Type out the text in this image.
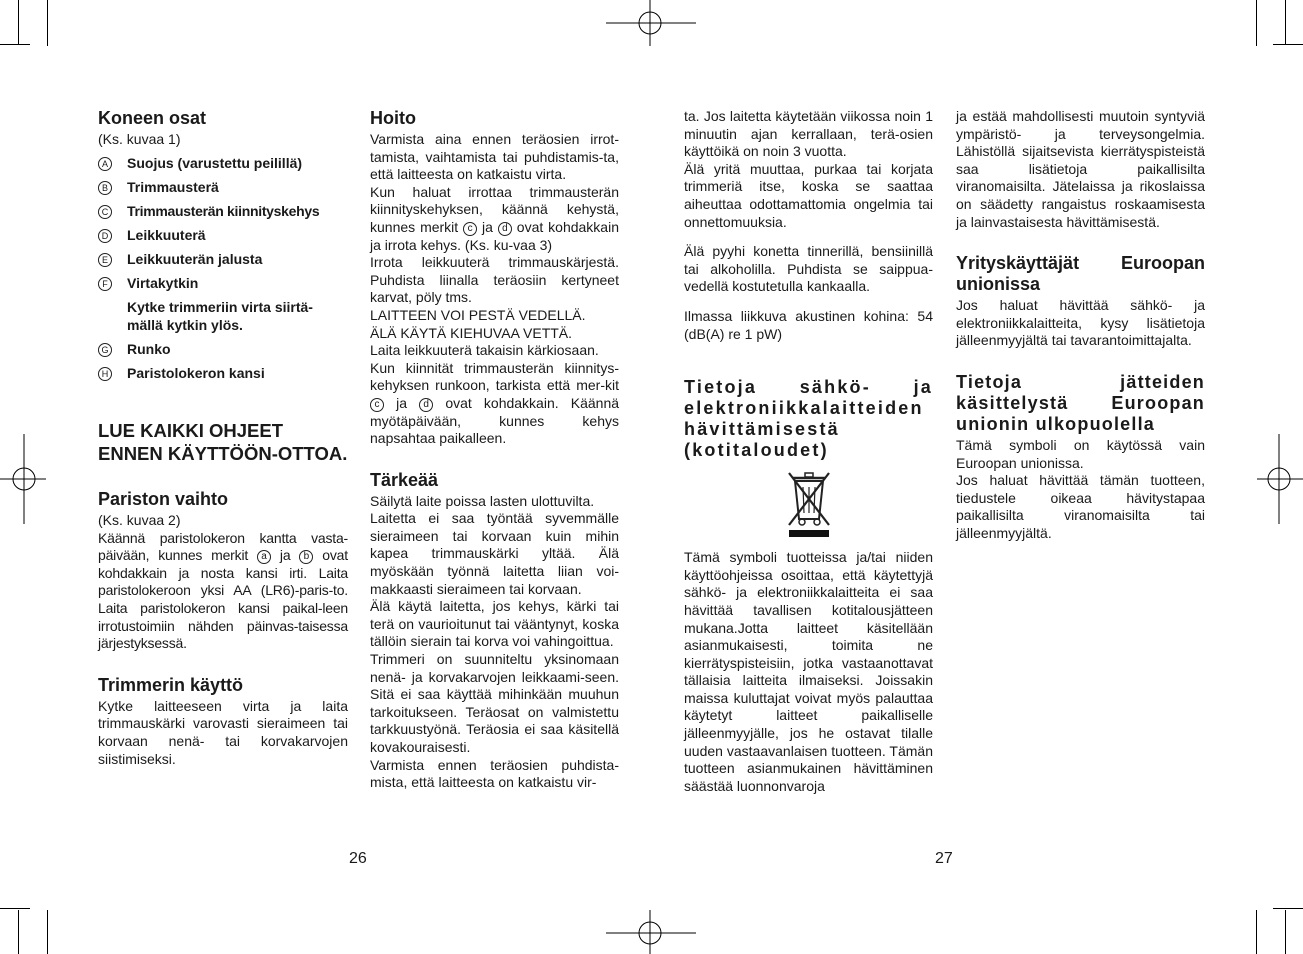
Koneen osat

(Ks. kuvaa 1)

A	Suojus (varustettu peilillä)
B	Trimmausterä
C	Trimmausterän kiinnityskehys
D	Leikkuuterä
E	Leikkuuterän jalusta
F	Virtakytkin
Kytke trimmeriin virta siirtä-mällä kytkin ylös.
G	Runko
H	Paristolokeron kansi
LUE KAIKKI OHJEET ENNEN KÄYTTÖÖN-OTTOA.
Pariston vaihto

(Ks. kuvaa 2)

Käännä paristolokeron kantta vasta-päivään, kunnes merkit a ja b ovat kohdakkain ja nosta kansi irti. Laita paristolokeroon yksi AA (LR6)-paris-to. Laita paristolokeron kansi paikal-leen irrotustoimiin nähden päinvas-taisessa järjestyksessä.

Trimmerin käyttö

Kytke laitteeseen virta ja laita trimmauskärki varovasti sieraimeen tai korvaan nenä- tai korvakarvojen siistimiseksi.

Hoito

Varmista aina ennen teräosien irrot-tamista, vaihtamista tai puhdistamis-ta, että laitteesta on katkaistu virta.

Kun haluat irrottaa trimmausterän kiinnityskehyksen, käännä kehystä, kunnes merkit c ja d ovat kohdakkain ja irrota kehys. (Ks. ku-vaa 3)

Irrota leikkuuterä trimmauskärjestä. Puhdista liinalla teräosiin kertyneet karvat, pöly tms.

LAITTEEN VOI PESTÄ VEDELLÄ.

ÄLÄ KÄYTÄ KIEHUVAA VETTÄ.

Laita leikkuuterä takaisin kärkiosaan.

Kun kiinnität trimmausterän kiinnitys-kehyksen runkoon, tarkista että mer-kit c ja d ovat kohdakkain. Käännä myötäpäivään, kunnes kehys napsahtaa paikalleen.

Tärkeää

Säilytä laite poissa lasten ulottuvilta.

Laitetta ei saa työntää syvemmälle sieraimeen tai korvaan kuin mihin kapea trimmauskärki yltää. Älä myöskään työnnä laitetta liian voi-makkaasti sieraimeen tai korvaan.

Älä käytä laitetta, jos kehys, kärki tai terä on vaurioitunut tai vääntynyt, koska tällöin sierain tai korva voi vahingoittua.

Trimmeri on suunniteltu yksinomaan nenä- ja korvakarvojen leikkaami-seen. Sitä ei saa käyttää mihinkään muuhun tarkoitukseen. Teräosat on valmistettu tarkkuustyönä. Teräosia ei saa käsitellä kovakouraisesti.

Varmista ennen teräosien puhdista-mista, että laitteesta on katkaistu vir-

26

ta. Jos laitetta käytetään viikossa noin 1 minuutin ajan kerrallaan, terä-osien käyttöikä on noin 3 vuotta.

Älä yritä muuttaa, purkaa tai korjata trimmeriä itse, koska se saattaa aiheuttaa odottamattomia ongelmia tai onnettomuuksia.

Älä pyyhi konetta tinnerillä, bensiinillä tai alkoholilla. Puhdista se saippua-vedellä kostutetulla kankaalla.

Ilmassa liikkuva akustinen kohina: 54 (dB(A) re 1 pW)

Tietoja sähkö- ja elektroniikkalaitteiden hävittämisestä (kotitaloudet)

Tämä symboli tuotteissa ja/tai niiden käyttöohjeissa osoittaa, että käytettyjä sähkö- ja elektroniikkalaitteita ei saa hävittää tavallisen kotitalousjätteen mukana.Jotta laitteet käsitellään asianmukaisesti, toimita ne kierrätyspisteisiin, jotka vastaanottavat tällaisia laitteita ilmaiseksi. Joissakin maissa kuluttajat voivat myös palauttaa käytetyt laitteet paikalliselle jälleenmyyjälle, jos he ostavat tilalle uuden vastaavanlaisen tuotteen. Tämän tuotteen asianmukainen hävittäminen säästää luonnonvaroja

27

ja estää mahdollisesti muutoin syntyviä ympäristö- ja terveysongelmia. Lähistöllä sijaitsevista kierrätyspisteistä saa lisätietoja paikallisilta viranomaisilta. Jätelaissa ja rikoslaissa on säädetty rangaistus roskaamisesta ja lainvastaisesta hävittämisestä.

Yrityskäyttäjät Euroopan unionissa

Jos haluat hävittää sähkö- ja elektroniikkalaitteita, kysy lisätietoja jälleenmyyjältä tai tavarantoimittajalta.

Tietoja jätteiden käsittelystä Euroopan unionin ulkopuolella

Tämä symboli on käytössä vain Euroopan unionissa.

Jos haluat hävittää tämän tuotteen, tiedustele oikeaa hävitystapaa paikallisilta viranomaisilta tai jälleenmyyjältä.
